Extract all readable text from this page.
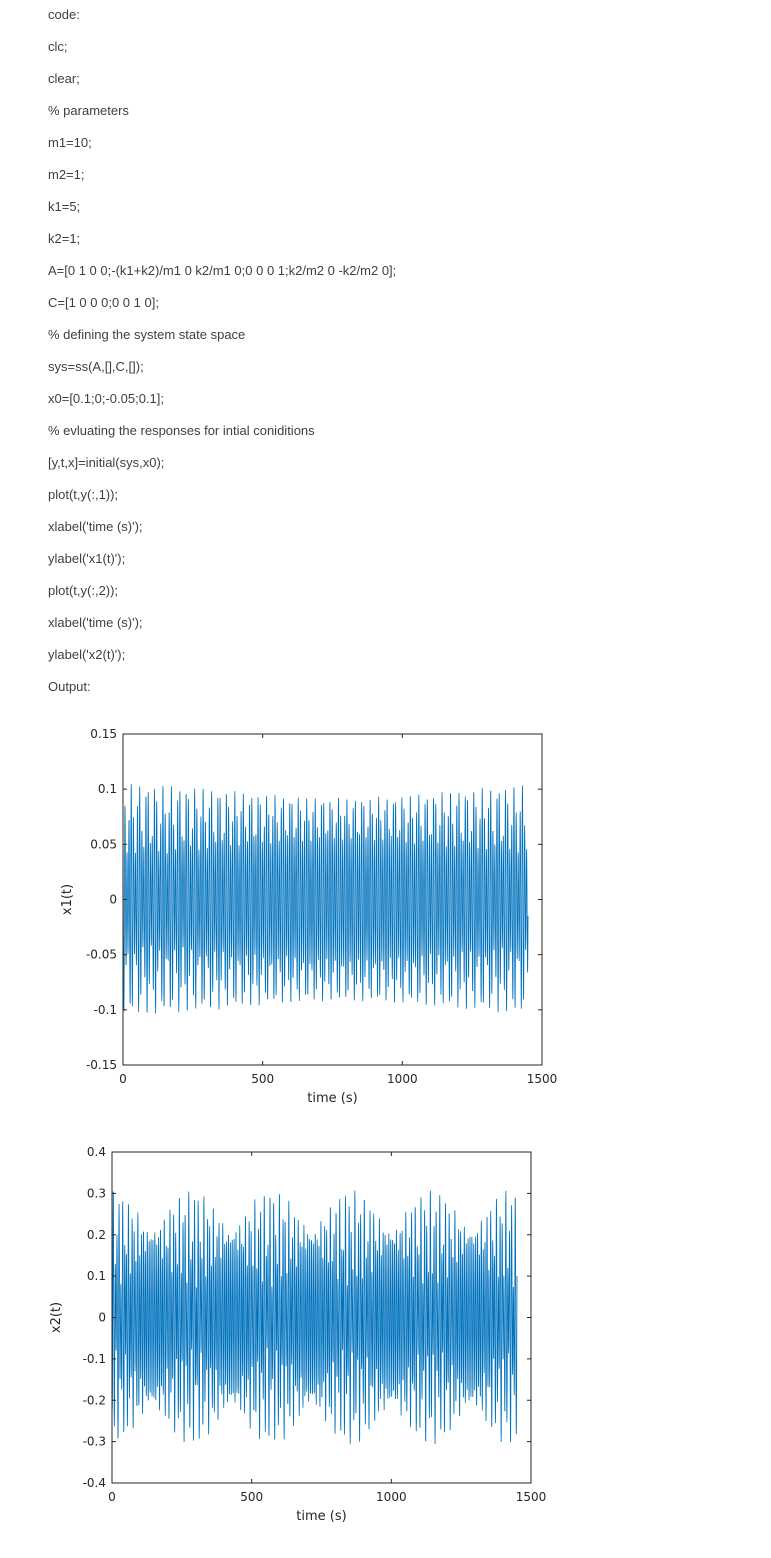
code:
clc;
clear;
% parameters
m1=10;
m2=1;
k1=5;
k2=1;
A=[0 1 0 0;-(k1+k2)/m1 0 k2/m1 0;0 0 0 1;k2/m2 0 -k2/m2 0];
C=[1 0 0 0;0 0 1 0];
% defining the system state space
sys=ss(A,[],C,[]);
x0=[0.1;0;-0.05;0.1];
% evluating the responses for intial coniditions
[y,t,x]=initial(sys,x0);
plot(t,y(:,1));
xlabel('time (s)');
ylabel('x1(t)');
plot(t,y(:,2));
xlabel('time (s)');
ylabel('x2(t)');
Output:
0	500	1000	1500
-0.15
-0.1
-0.05
0
0.05
0.1
0.15
time (s)
x1(t)
0	500	1000	1500
-0.4
-0.3
-0.2
-0.1
0
0.1
0.2
0.3
0.4
time (s)
x2(t)
